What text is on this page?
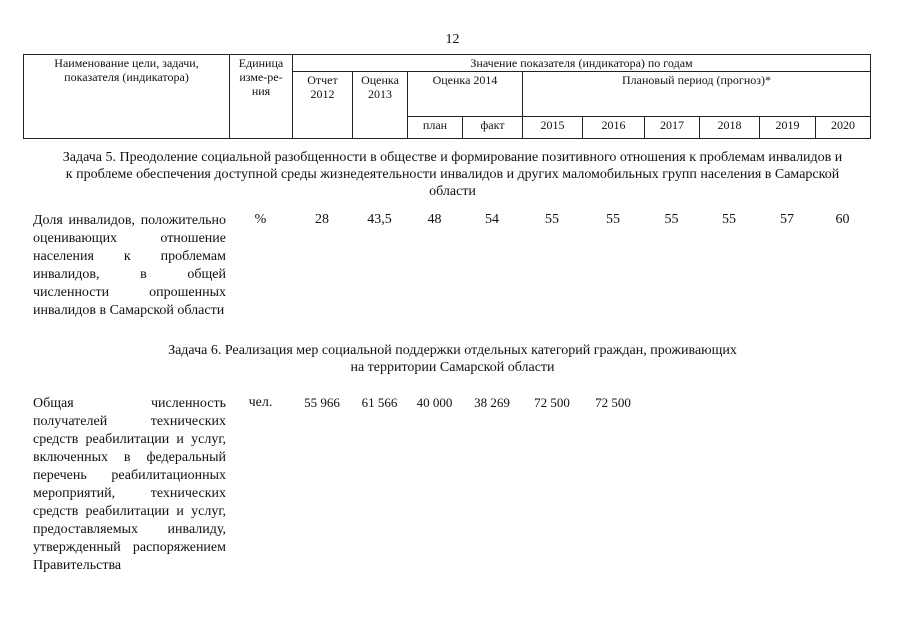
12
Наименование цели, задачи, показателя (индикатора)	Единица изме-ре-ния	Значение показателя (индикатора) по годам									
		Отчет 2012	Оценка 2013	Оценка 2014		Плановый период (прогноз)*					
				план	факт	2015	2016	2017	2018	2019	2020
Задача 5. Преодоление социальной разобщенности в обществе и формирование позитивного отношения к проблемам инвалидов и к проблеме обеспечения доступной среды жизнедеятельности инвалидов и других маломобильных групп населения в Самарской области
Доля инвалидов, положительно оценивающих отношение населения к проблемам инвалидов, в общей численности опрошенных инвалидов в Самарской области
%	28	43,5	48	54	55	55	55	55	57	60
Задача 6. Реализация мер социальной поддержки отдельных категорий граждан, проживающих на территории Самарской области
Общая численность получателей технических средств реабилитации и услуг, включенных в федеральный перечень реабилитационных мероприятий, технических средств реабилитации и услуг, предоставляемых инвалиду, утвержденный распоряжением Правительства
чел.	55 966	61 566	40 000	38 269	72 500	72 500
